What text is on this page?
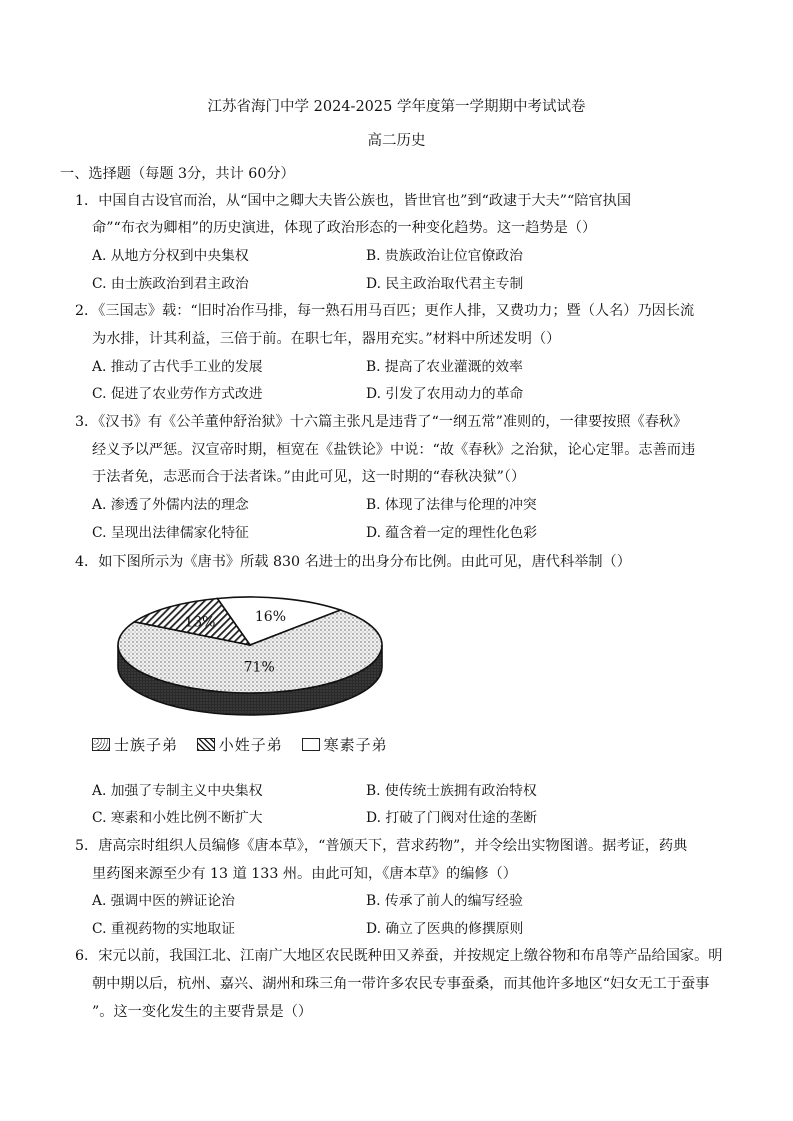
江苏省海门中学 2024-2025 学年度第一学期期中考试试卷
高二历史
一、选择题（每题 3分，共计 60分）
1．中国自古设官而治，从“国中之卿大夫皆公族也，皆世官也”到“政逮于大夫”“陪官执国
命”“布衣为卿相”的历史演进，体现了政治形态的一种变化趋势。这一趋势是（）
A. 从地方分权到中央集权	B. 贵族政治让位官僚政治
C. 由士族政治到君主政治	D. 民主政治取代君主专制
2．《三国志》载：“旧时冶作马排，每一熟石用马百匹；更作人排，又费功力；暨（人名）乃因长流
为水排，计其利益，三倍于前。在职七年，器用充实。”材料中所述发明（）
A. 推动了古代手工业的发展	B. 提高了农业灌溉的效率
C. 促进了农业劳作方式改进	D. 引发了农用动力的革命
3．《汉书》有《公羊董仲舒治狱》十六篇主张凡是违背了“一纲五常”准则的，一律要按照《春秋》
经义予以严惩。汉宣帝时期，桓宽在《盐铁论》中说：“故《春秋》之治狱，论心定罪。志善而违
于法者免，志恶而合于法者诛。”由此可见，这一时期的“春秋决狱”（）
A. 渗透了外儒内法的理念	B. 体现了法律与伦理的冲突
C. 呈现出法律儒家化特征	D. 蕴含着一定的理性化色彩
4．如下图所示为《唐书》所载 830 名进士的出身分布比例。由此可见，唐代科举制（）
16%
71%
13%
士族子弟	小姓子弟	寒素子弟
A. 加强了专制主义中央集权	B. 使传统士族拥有政治特权
C. 寒素和小姓比例不断扩大	D. 打破了门阀对仕途的垄断
5．唐高宗时组织人员编修《唐本草》，“普颁天下，营求药物”，并令绘出实物图谱。据考证，药典
里药图来源至少有 13 道 133 州。由此可知，《唐本草》的编修（）
A. 强调中医的辨证论治	B. 传承了前人的编写经验
C. 重视药物的实地取证	D. 确立了医典的修撰原则
6．宋元以前，我国江北、江南广大地区农民既种田又养蚕，并按规定上缴谷物和布帛等产品给国家。明
朝中期以后，杭州、嘉兴、湖州和珠三角一带许多农民专事蚕桑，而其他许多地区“妇女无工于蚕事
”。这一变化发生的主要背景是（）
